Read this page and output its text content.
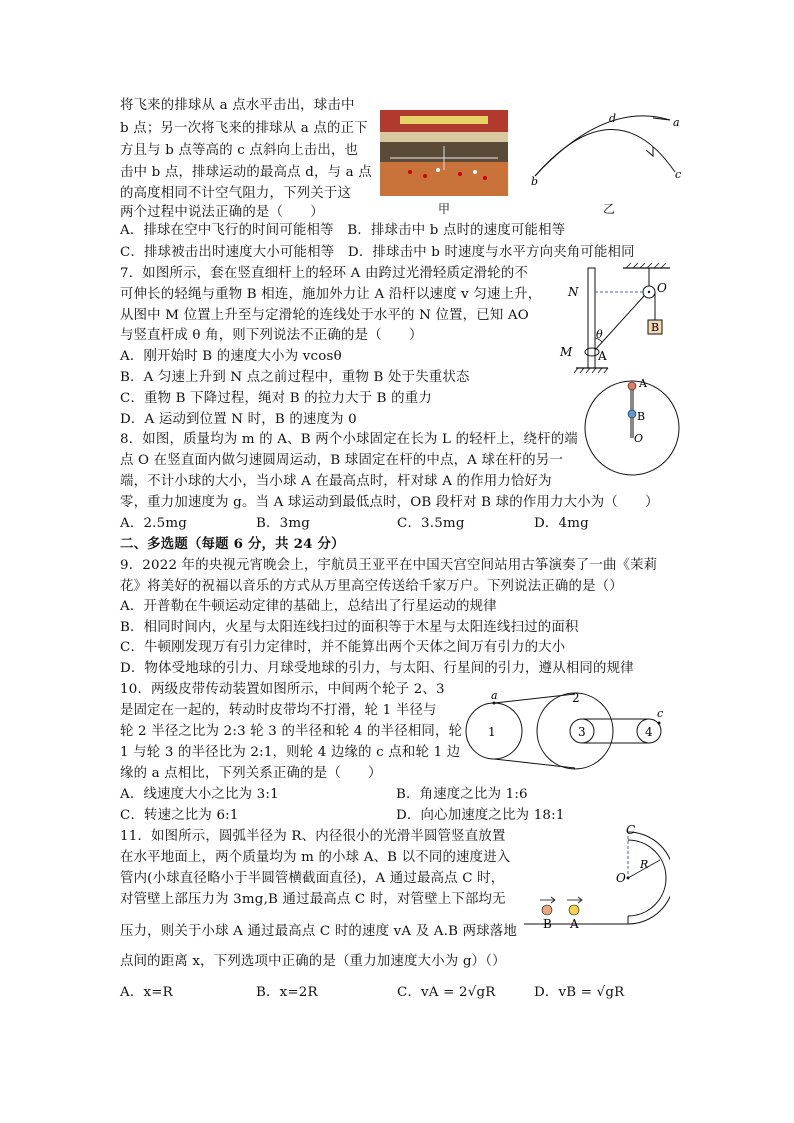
将飞来的排球从 a 点水平击出，球击中
b 点；另一次将飞来的排球从 a 点的正下
方且与 b 点等高的 c 点斜向上击出，也
击中 b 点，排球运动的最高点 d，与 a 点
的高度相同不计空气阻力，下列关于这
两个过程中说法正确的是（　　）
A．排球在空中飞行的时间可能相等　B．排球击中 b 点时的速度可能相等
C．排球被击出时速度大小可能相等　D．排球击中 b 时速度与水平方向夹角可能相同
甲
b
d	a
c
乙
7．如图所示，套在竖直细杆上的轻环 A 由跨过光滑轻质定滑轮的不
可伸长的轻绳与重物 B 相连，施加外力让 A 沿杆以速度 v 匀速上升，
从图中 M 位置上升至与定滑轮的连线处于水平的 N 位置，已知 AO
与竖直杆成 θ 角，则下列说法不正确的是（　　）
A．刚开始时 B 的速度大小为 vcosθ
B．A 匀速上升到 N 点之前过程中，重物 B 处于失重状态
C．重物 B 下降过程，绳对 B 的拉力大于 B 的重力
D．A 运动到位置 N 时，B 的速度为 0
N	O
θ
B
M A
A
B
O
8．如图，质量均为 m 的 A、B 两个小球固定在长为 L 的轻杆上，绕杆的端
点 O 在竖直面内做匀速圆周运动，B 球固定在杆的中点，A 球在杆的另一
端，不计小球的大小，当小球 A 在最高点时，杆对球 A 的作用力恰好为
零，重力加速度为 g。当 A 球运动到最低点时，OB 段杆对 B 球的作用力大小为（　　）
A．2.5mg	B．3mg	C．3.5mg	D．4mg
二、多选题（每题 6 分，共 24 分）
9．2022 年的央视元宵晚会上，宇航员王亚平在中国天宫空间站用古筝演奏了一曲《茉莉
花》将美好的祝福以音乐的方式从万里高空传送给千家万户。下列说法正确的是（）
A．开普勒在牛顿运动定律的基础上，总结出了行星运动的规律
B．相同时间内，火星与太阳连线扫过的面积等于木星与太阳连线扫过的面积
C．牛顿刚发现万有引力定律时，并不能算出两个天体之间万有引力的大小
D．物体受地球的引力、月球受地球的引力，与太阳、行星间的引力，遵从相同的规律
10．两级皮带传动装置如图所示，中间两个轮子 2、3
是固定在一起的，转动时皮带均不打滑，轮 1 半径与
轮 2 半径之比为 2:3 轮 3 的半径和轮 4 的半径相同，轮
1 与轮 3 的半径比为 2:1，则轮 4 边缘的 c 点和轮 1 边
缘的 a 点相比，下列关系正确的是（　　）
A．线速度大小之比为 3:1	B．角速度之比为 1:6
C．转速之比为 6:1	D．向心加速度之比为 18:1
1
2
3	4
a
c
11．如图所示，圆弧半径为 R、内径很小的光滑半圆管竖直放置
在水平地面上，两个质量均为 m 的小球 A、B 以不同的速度进入
管内(小球直径略小于半圆管横截面直径)，A 通过最高点 C 时，
对管壁上部压力为 3mg,B 通过最高点 C 时，对管壁上下部均无
压力，则关于小球 A 通过最高点 C 时的速度 vA 及 A.B 两球落地
点间的距离 x，下列选项中正确的是（重力加速度大小为 g）（）
A．x=R	B．x=2R	C．vA = 2√gR	D．vB = √gR
C
O
R
B A
